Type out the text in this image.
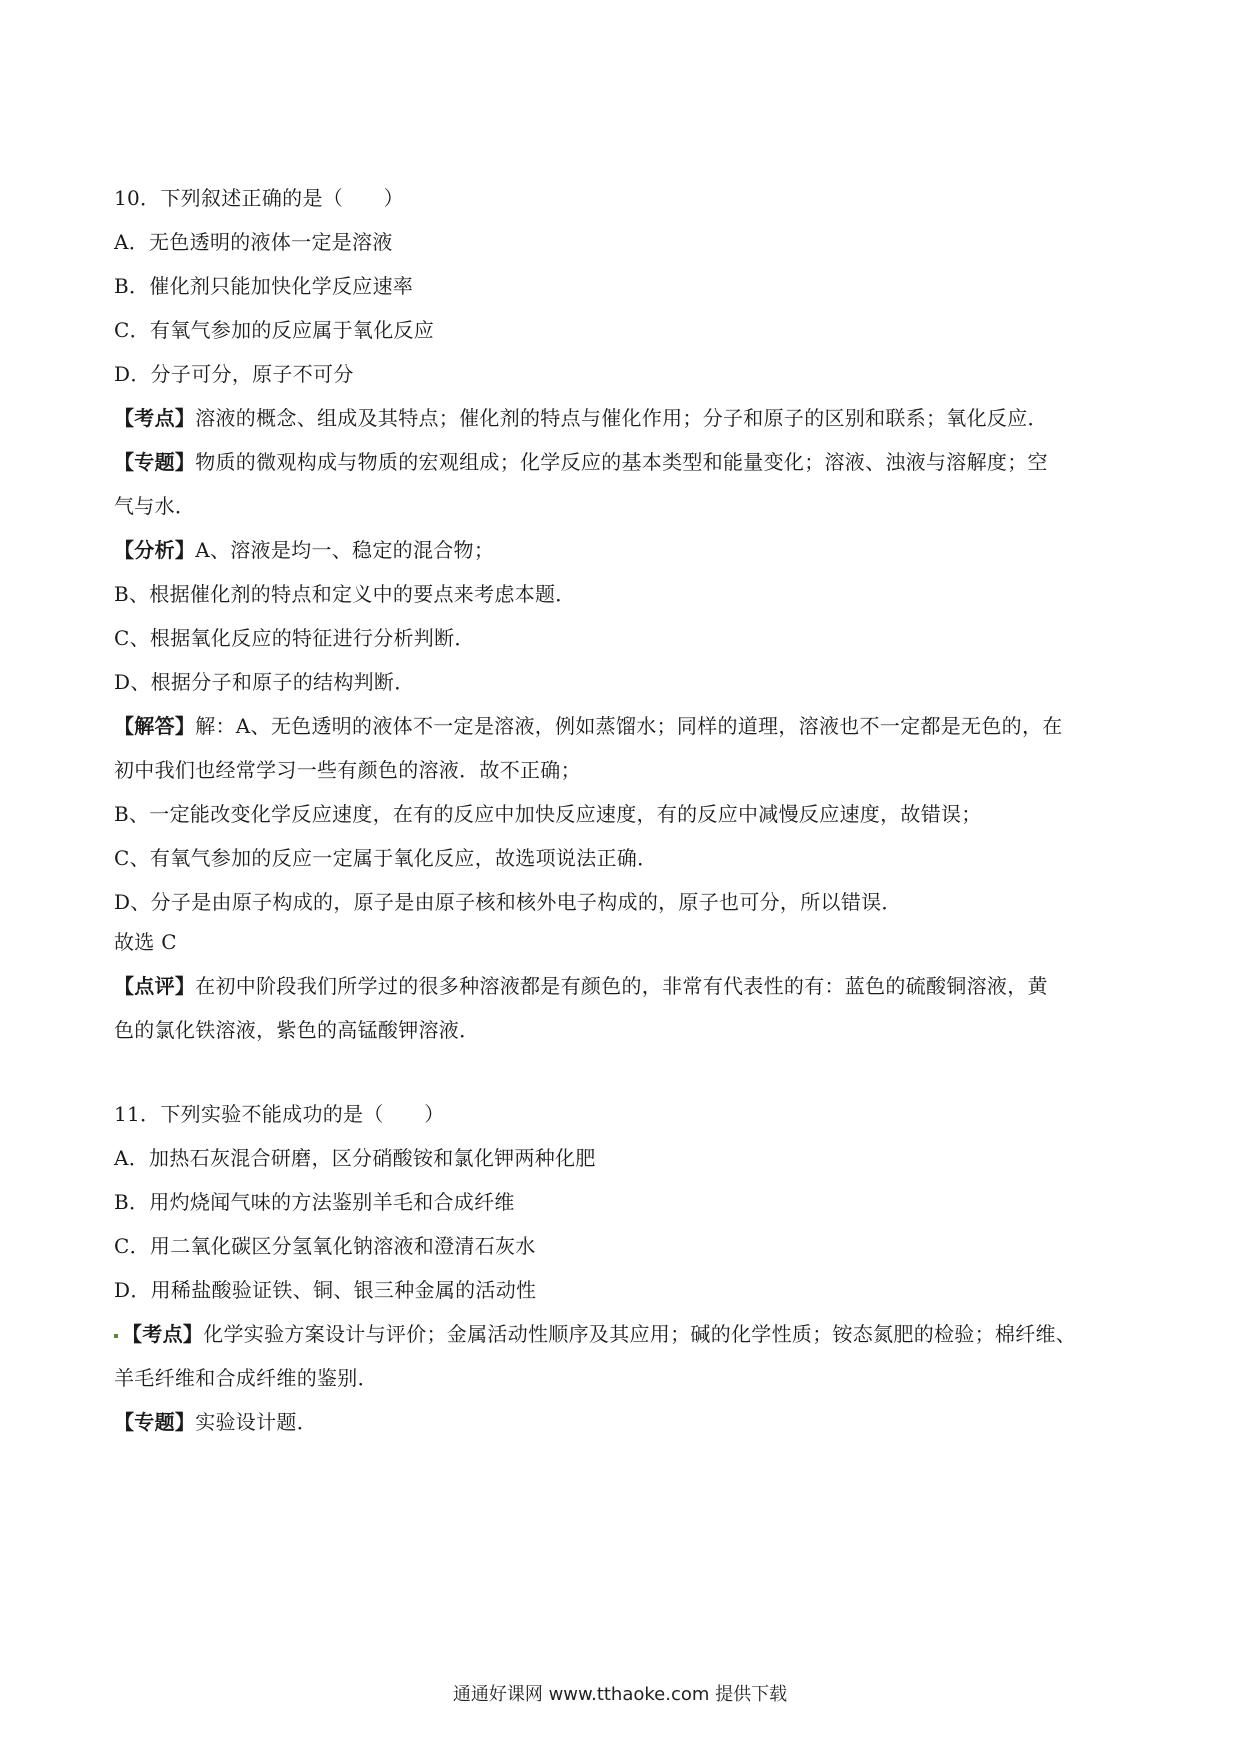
10．下列叙述正确的是（　　）
A．无色透明的液体一定是溶液
B．催化剂只能加快化学反应速率
C．有氧气参加的反应属于氧化反应
D．分子可分，原子不可分
【考点】溶液的概念、组成及其特点；催化剂的特点与催化作用；分子和原子的区别和联系；氧化反应．
【专题】物质的微观构成与物质的宏观组成；化学反应的基本类型和能量变化；溶液、浊液与溶解度；空
气与水．
【分析】A、溶液是均一、稳定的混合物；
B、根据催化剂的特点和定义中的要点来考虑本题．
C、根据氧化反应的特征进行分析判断．
D、根据分子和原子的结构判断．
【解答】解：A、无色透明的液体不一定是溶液，例如蒸馏水；同样的道理，溶液也不一定都是无色的，在
初中我们也经常学习一些有颜色的溶液．故不正确；
B、一定能改变化学反应速度，在有的反应中加快反应速度，有的反应中减慢反应速度，故错误；
C、有氧气参加的反应一定属于氧化反应，故选项说法正确．
D、分子是由原子构成的，原子是由原子核和核外电子构成的，原子也可分，所以错误．
故选 C
【点评】在初中阶段我们所学过的很多种溶液都是有颜色的，非常有代表性的有：蓝色的硫酸铜溶液，黄
色的氯化铁溶液，紫色的高锰酸钾溶液．
11．下列实验不能成功的是（　　）
A．加热石灰混合研磨，区分硝酸铵和氯化钾两种化肥
B．用灼烧闻气味的方法鉴别羊毛和合成纤维
C．用二氧化碳区分氢氧化钠溶液和澄清石灰水
D．用稀盐酸验证铁、铜、银三种金属的活动性
【考点】化学实验方案设计与评价；金属活动性顺序及其应用；碱的化学性质；铵态氮肥的检验；棉纤维、
羊毛纤维和合成纤维的鉴别．
【专题】实验设计题．
通通好课网 www.tthaoke.com 提供下载
